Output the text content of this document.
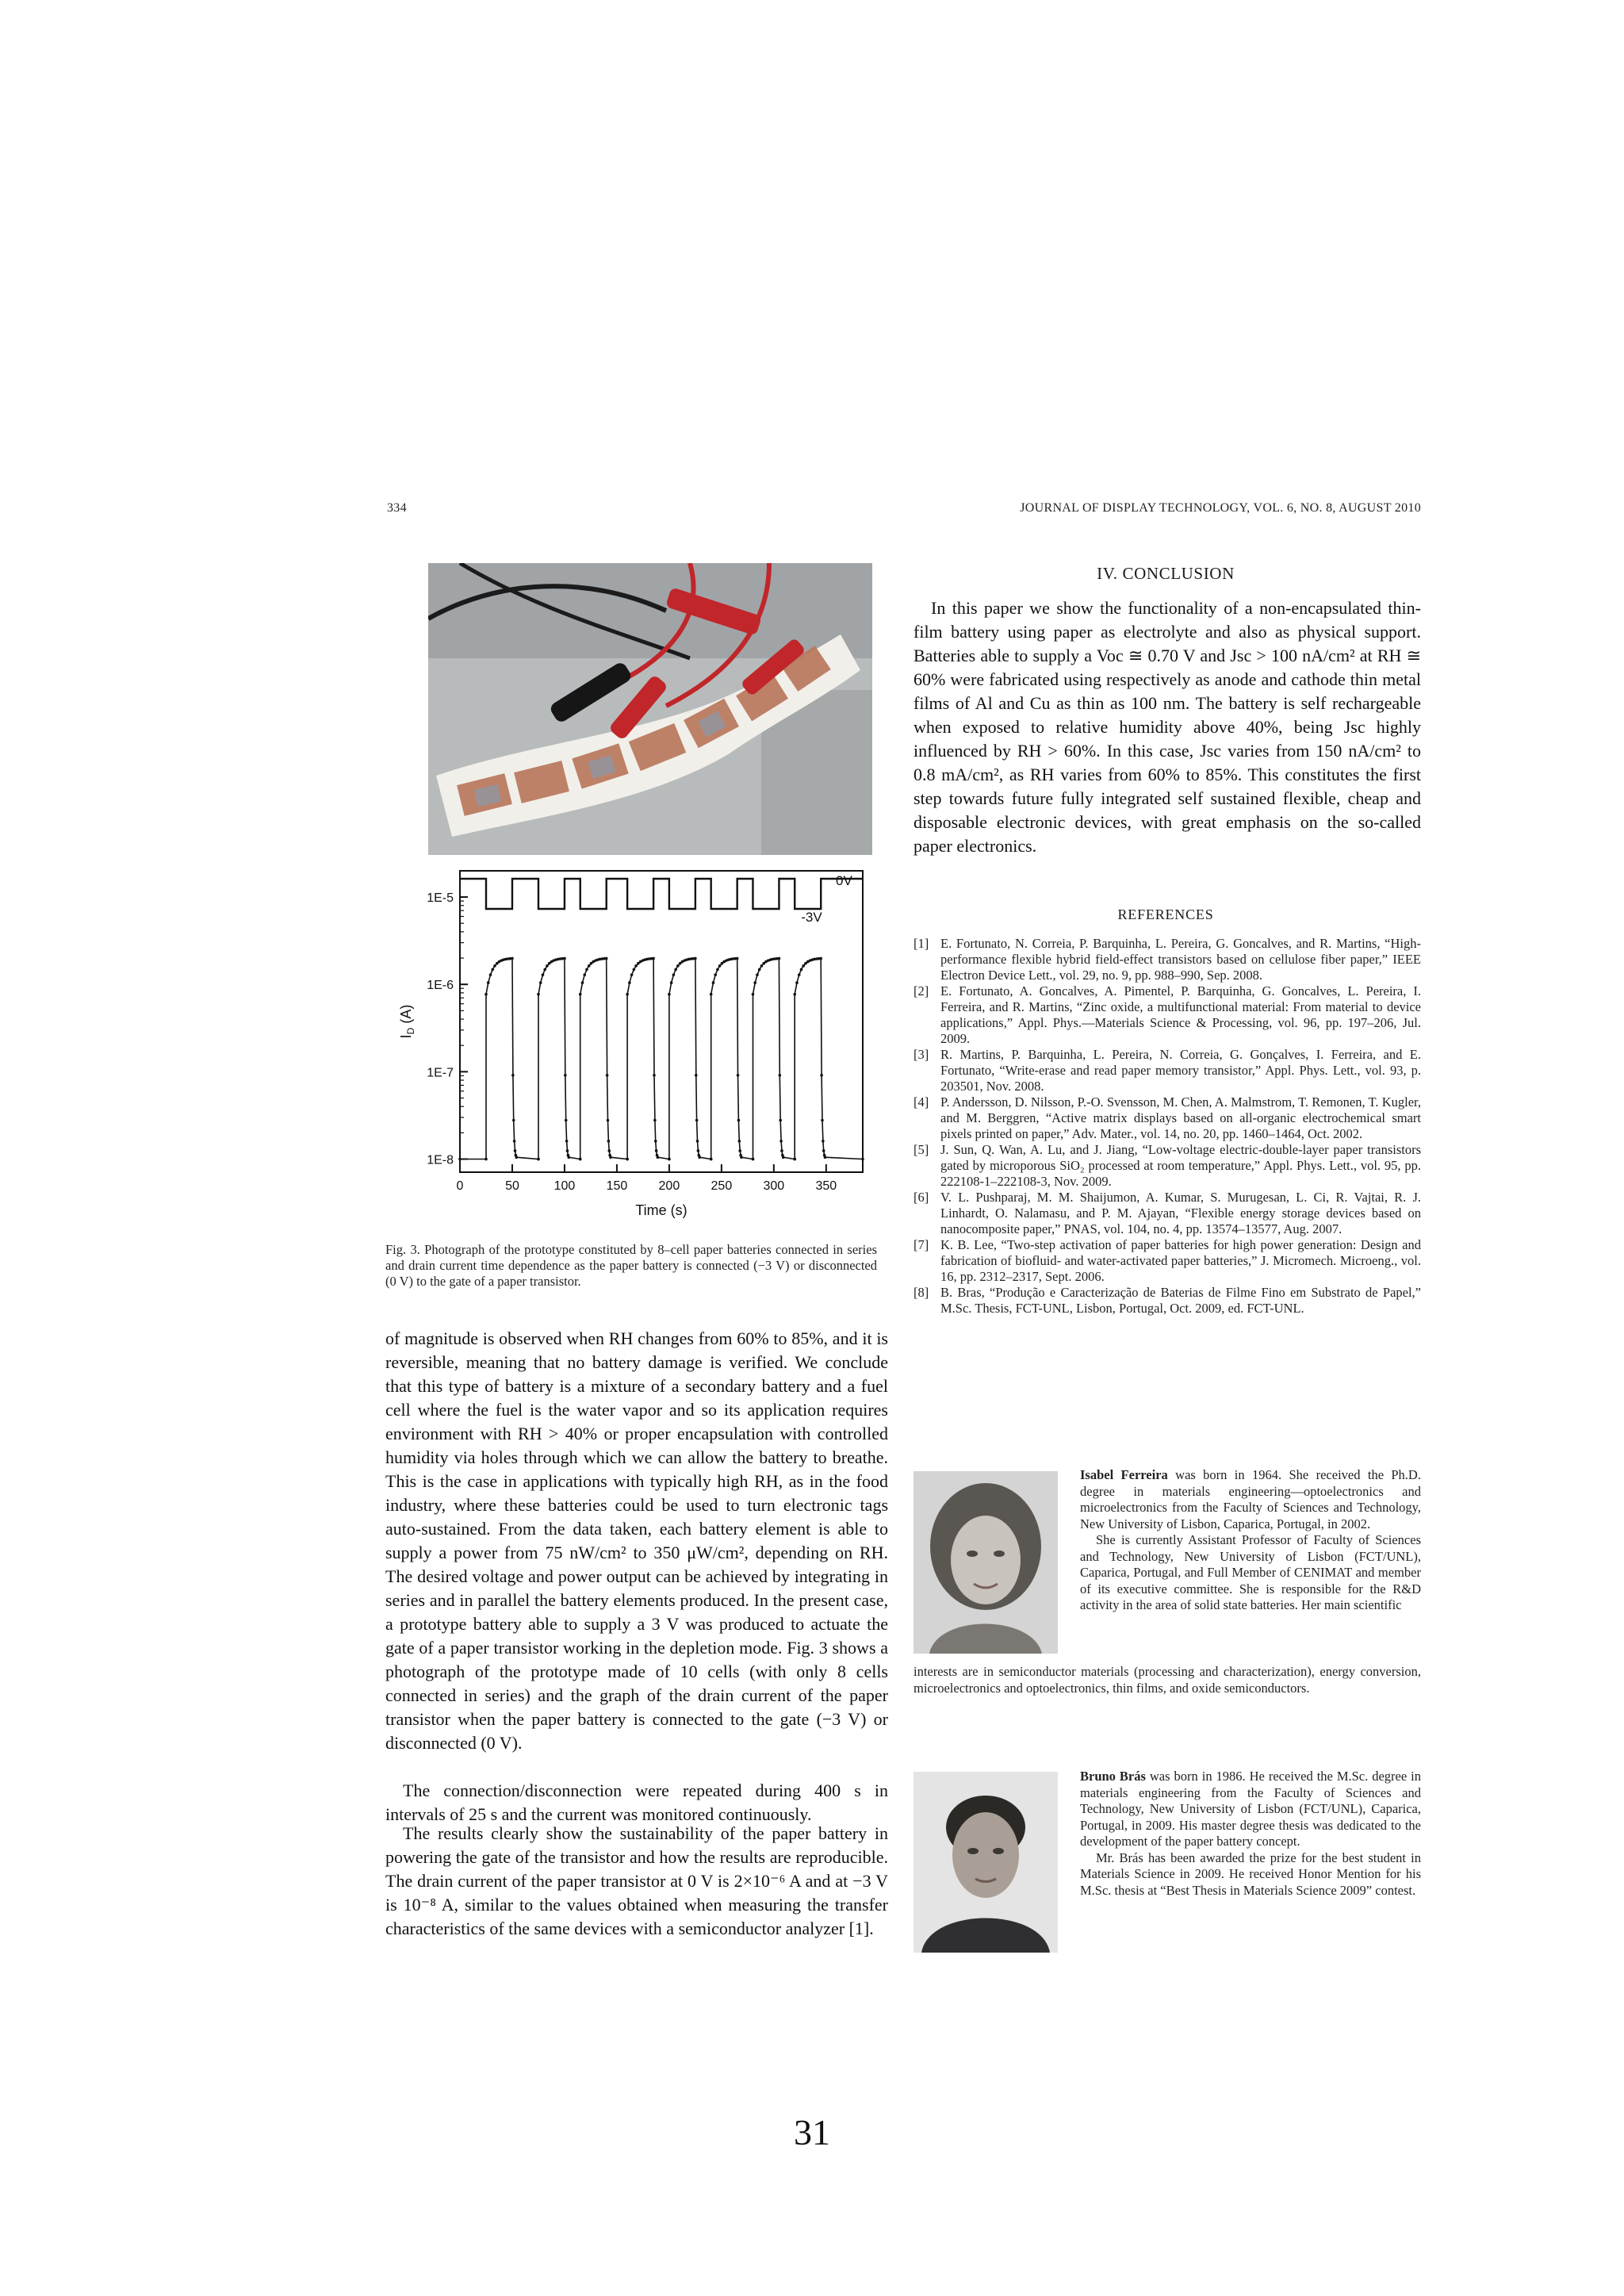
334	JOURNAL OF DISPLAY TECHNOLOGY, VOL. 6, NO. 8, AUGUST 2010
1E-5
1E-6
1E-7
1E-8
0	50	100 150 200 250 300 350
0V
-3V
Time (s)
$I_D$ (A)
Fig. 3. Photograph of the prototype constituted by 8–cell paper batteries connected in series and drain current time dependence as the paper battery is connected (−3 V) or disconnected (0 V) to the gate of a paper transistor.
of magnitude is observed when RH changes from 60% to 85%, and it is reversible, meaning that no battery damage is verified. We conclude that this type of battery is a mixture of a secondary battery and a fuel cell where the fuel is the water vapor and so its application requires environment with RH > 40% or proper encapsulation with controlled humidity via holes through which we can allow the battery to breathe. This is the case in applications with typically high RH, as in the food industry, where these batteries could be used to turn electronic tags auto-sustained. From the data taken, each battery element is able to supply a power from 75 nW/cm² to 350 μW/cm², depending on RH. The desired voltage and power output can be achieved by integrating in series and in parallel the battery elements produced. In the present case, a prototype battery able to supply a 3 V was produced to actuate the gate of a paper transistor working in the depletion mode. Fig. 3 shows a photograph of the prototype made of 10 cells (with only 8 cells connected in series) and the graph of the drain current of the paper transistor when the paper battery is connected to the gate (−3 V) or disconnected (0 V).
The connection/disconnection were repeated during 400 s in intervals of 25 s and the current was monitored continuously.
The results clearly show the sustainability of the paper battery in powering the gate of the transistor and how the results are reproducible. The drain current of the paper transistor at 0 V is 2×10⁻⁶ A and at −3 V is 10⁻⁸ A, similar to the values obtained when measuring the transfer characteristics of the same devices with a semiconductor analyzer [1].
IV. CONCLUSION
In this paper we show the functionality of a non-encapsulated thin-film battery using paper as electrolyte and also as physical support. Batteries able to supply a Voc ≅ 0.70 V and Jsc > 100 nA/cm² at RH ≅ 60% were fabricated using respectively as anode and cathode thin metal films of Al and Cu as thin as 100 nm. The battery is self rechargeable when exposed to relative humidity above 40%, being Jsc highly influenced by RH > 60%. In this case, Jsc varies from 150 nA/cm² to 0.8 mA/cm², as RH varies from 60% to 85%. This constitutes the first step towards future fully integrated self sustained flexible, cheap and disposable electronic devices, with great emphasis on the so-called paper electronics.
REFERENCES
[1] E. Fortunato, N. Correia, P. Barquinha, L. Pereira, G. Goncalves, and R. Martins, “High-performance flexible hybrid field-effect transistors based on cellulose fiber paper,” IEEE Electron Device Lett., vol. 29, no. 9, pp. 988–990, Sep. 2008.
[2] E. Fortunato, A. Goncalves, A. Pimentel, P. Barquinha, G. Goncalves, L. Pereira, I. Ferreira, and R. Martins, “Zinc oxide, a multifunctional material: From material to device applications,” Appl. Phys.—Materials Science & Processing, vol. 96, pp. 197–206, Jul. 2009.
[3] R. Martins, P. Barquinha, L. Pereira, N. Correia, G. Gonçalves, I. Ferreira, and E. Fortunato, “Write-erase and read paper memory transistor,” Appl. Phys. Lett., vol. 93, p. 203501, Nov. 2008.
[4] P. Andersson, D. Nilsson, P.-O. Svensson, M. Chen, A. Malmstrom, T. Remonen, T. Kugler, and M. Berggren, “Active matrix displays based on all-organic electrochemical smart pixels printed on paper,” Adv. Mater., vol. 14, no. 20, pp. 1460–1464, Oct. 2002.
[5] J. Sun, Q. Wan, A. Lu, and J. Jiang, “Low-voltage electric-double-layer paper transistors gated by microporous SiO₂ processed at room temperature,” Appl. Phys. Lett., vol. 95, pp. 222108-1–222108-3, Nov. 2009.
[6] V. L. Pushparaj, M. M. Shaijumon, A. Kumar, S. Murugesan, L. Ci, R. Vajtai, R. J. Linhardt, O. Nalamasu, and P. M. Ajayan, “Flexible energy storage devices based on nanocomposite paper,” PNAS, vol. 104, no. 4, pp. 13574–13577, Aug. 2007.
[7] K. B. Lee, “Two-step activation of paper batteries for high power generation: Design and fabrication of biofluid- and water-activated paper batteries,” J. Micromech. Microeng., vol. 16, pp. 2312–2317, Sept. 2006.
[8] B. Bras, “Produção e Caracterização de Baterias de Filme Fino em Substrato de Papel,” M.Sc. Thesis, FCT-UNL, Lisbon, Portugal, Oct. 2009, ed. FCT-UNL.
Isabel Ferreira was born in 1964. She received the Ph.D. degree in materials engineering—optoelectronics and microelectronics from the Faculty of Sciences and Technology, New University of Lisbon, Caparica, Portugal, in 2002.
She is currently Assistant Professor of Faculty of Sciences and Technology, New University of Lisbon (FCT/UNL), Caparica, Portugal, and Full Member of CENIMAT and member of its executive committee. She is responsible for the R&D activity in the area of solid state batteries. Her main scientific
interests are in semiconductor materials (processing and characterization), energy conversion, microelectronics and optoelectronics, thin films, and oxide semiconductors.
Bruno Brás was born in 1986. He received the M.Sc. degree in materials engineering from the Faculty of Sciences and Technology, New University of Lisbon (FCT/UNL), Caparica, Portugal, in 2009. His master degree thesis was dedicated to the development of the paper battery concept.
Mr. Brás has been awarded the prize for the best student in Materials Science in 2009. He received Honor Mention for his M.Sc. thesis at “Best Thesis in Materials Science 2009” contest.
31
